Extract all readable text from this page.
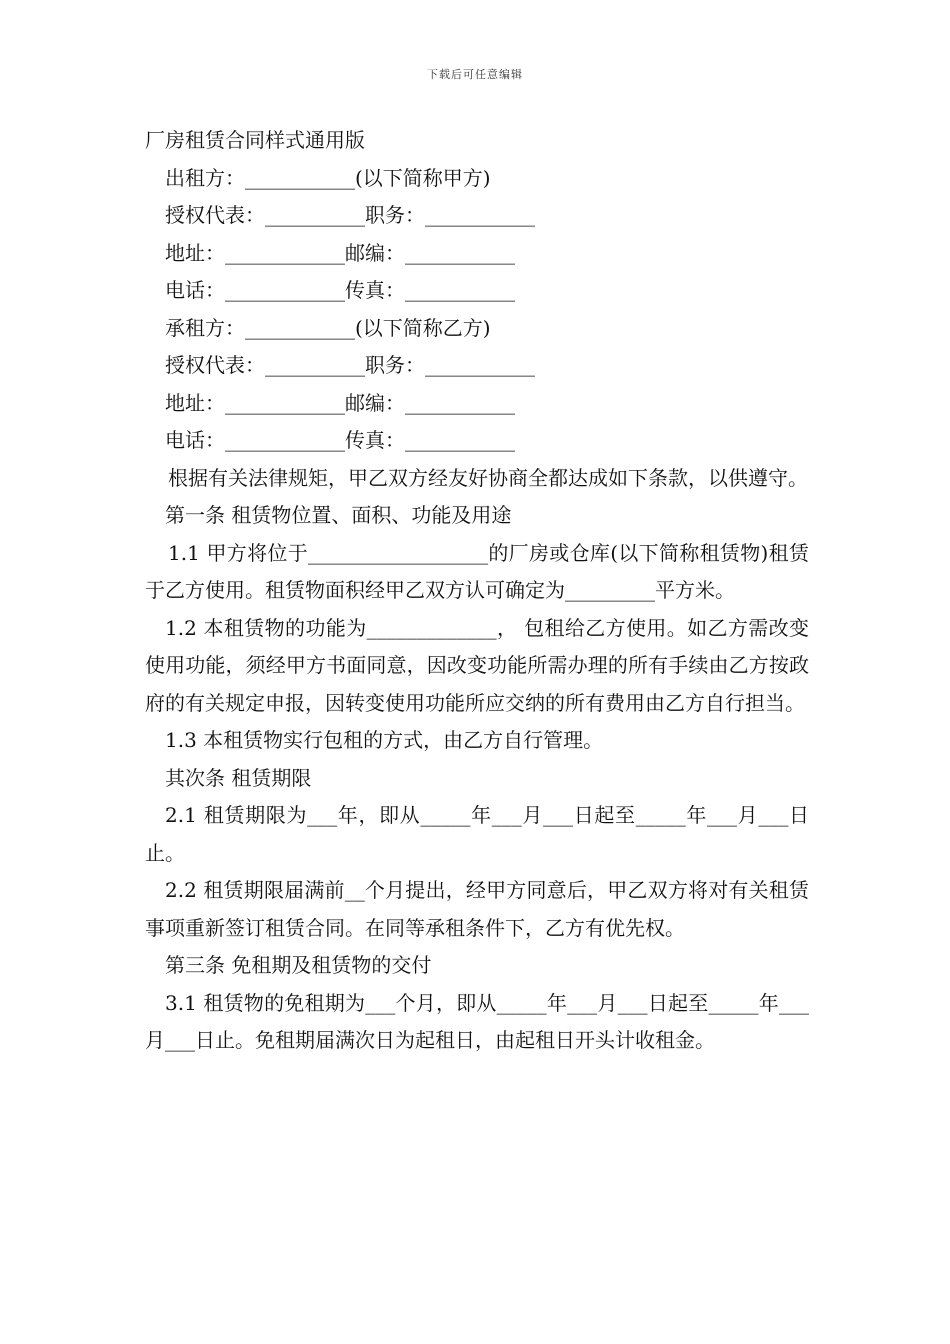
下载后可任意编辑
厂房租赁合同样式通用版
出租方：___________(以下简称甲方)
授权代表：__________职务：___________
地址：____________邮编：___________
电话：____________传真：___________
承租方：___________(以下简称乙方)
授权代表：__________职务：___________
地址：____________邮编：___________
电话：____________传真：___________
根据有关法律规矩，甲乙双方经友好协商全都达成如下条款，以供遵守。
第一条 租赁物位置、面积、功能及用途
1.1 甲方将位于__________________的厂房或仓库(以下简称租赁物)租赁于乙方使用。租赁物面积经甲乙双方认可确定为_________平方米。
1.2 本租赁物的功能为_____________， 包租给乙方使用。如乙方需改变使用功能，须经甲方书面同意，因改变功能所需办理的所有手续由乙方按政府的有关规定申报，因转变使用功能所应交纳的所有费用由乙方自行担当。
1.3 本租赁物实行包租的方式，由乙方自行管理。
其次条 租赁期限
2.1 租赁期限为___年，即从_____年___月___日起至_____年___月___日止。
2.2 租赁期限届满前__个月提出，经甲方同意后，甲乙双方将对有关租赁事项重新签订租赁合同。在同等承租条件下，乙方有优先权。
第三条 免租期及租赁物的交付
3.1 租赁物的免租期为___个月，即从_____年___月___日起至_____年___月___日止。免租期届满次日为起租日，由起租日开头计收租金。
